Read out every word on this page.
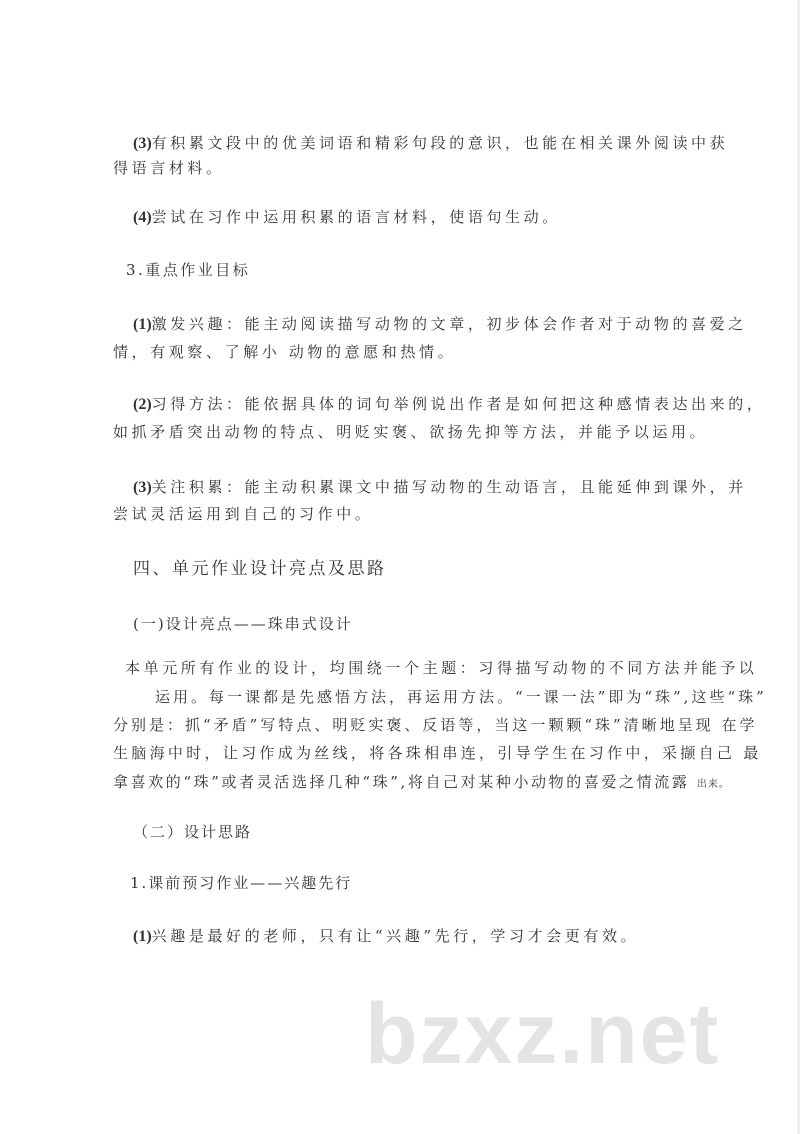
(3)有积累文段中的优美词语和精彩句段的意识，也能在相关课外阅读中获
得语言材料。
(4)尝试在习作中运用积累的语言材料，使语句生动。
3.重点作业目标
(1)激发兴趣：能主动阅读描写动物的文章，初步体会作者对于动物的喜爱之
情，有观察、了解小 动物的意愿和热情。
(2)习得方法：能依据具体的词句举例说出作者是如何把这种感情表达出来的，
如抓矛盾突出动物的特点、明贬实褒、欲扬先抑等方法，并能予以运用。
(3)关注积累：能主动积累课文中描写动物的生动语言，且能延伸到课外，并
尝试灵活运用到自己的习作中。
四、单元作业设计亮点及思路
(一)设计亮点——珠串式设计
本单元所有作业的设计，均围绕一个主题：习得描写动物的不同方法并能予以
运用。每一课都是先感悟方法，再运用方法。“一课一法”即为“珠”,这些“珠”
分别是：抓“矛盾”写特点、明贬实褒、反语等，当这一颗颗“珠”清晰地呈现 在学
生脑海中时，让习作成为丝线，将各珠相串连，引导学生在习作中，采撷自己 最
拿喜欢的“珠”或者灵活选择几种“珠”,将自己对某种小动物的喜爱之情流露 出来。
（二）设计思路
1.课前预习作业——兴趣先行
(1)兴趣是最好的老师，只有让“兴趣”先行，学习才会更有效。
bzxz.net
